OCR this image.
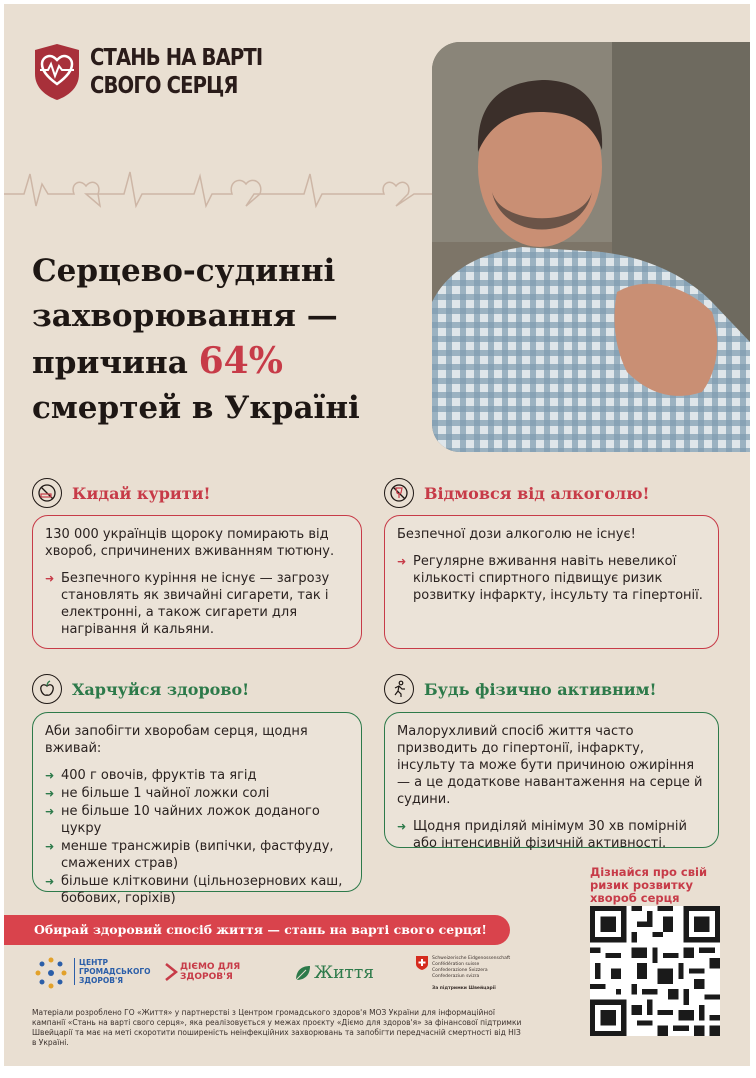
СТАНЬ НА ВАРТІ
СВОГО СЕРЦЯ
Серцево-судинні захворювання — причина 64% смертей в Україні
Кидай курити!

130 000 українців щороку помирають від хвороб, спричинених вживанням тютюну.

➜ Безпечного куріння не існує — загрозу становлять як звичайні сигарети, так і електронні, а також сигарети для нагрівання й кальяни.
Відмовся від алкоголю!

Безпечної дози алкоголю не існує!

➜ Регулярне вживання навіть невеликої кількості спиртного підвищує ризик розвитку інфаркту, інсульту та гіпертонії.
Харчуйся здорово!

Аби запобігти хворобам серця, щодня вживай:

➜ 400 г овочів, фруктів та ягід
➜ не більше 1 чайної ложки солі
➜ не більше 10 чайних ложок доданого цукру
➜ менше трансжирів (випічки, фастфуду, смажених страв)
➜ більше клітковини (цільнозернових каш, бобових, горіхів)
Будь фізично активним!

Малорухливий спосіб життя часто призводить до гіпертонії, інфаркту, інсульту та може бути причиною ожиріння — а це додаткове навантаження на серце й судини.

➜ Щодня приділяй мінімум 30 хв помірній або інтенсивній фізичній активності.
Дізнайся про свій ризик розвитку хвороб серця
Обирай здоровий спосіб життя — стань на варті свого серця!
ЦЕНТР ГРОМАДСЬКОГО ЗДОРОВ'Я
ДІЄМО ДЛЯ ЗДОРОВ'Я	Життя
Schweizerische Eidgenossenschaft
Confédération suisse
Confederazione Svizzera
Confederaziun svizra
За підтримки Швейцарії
Матеріали розроблено ГО «Життя» у партнерстві з Центром громадського здоров'я МОЗ України для інформаційної кампанії «Стань на варті свого серця», яка реалізовується у межах проєкту «Діємо для здоров'я» за фінансової підтримки Швейцарії та має на меті скоротити поширеність неінфекційних захворювань та запобігти передчасній смертності від НІЗ в Україні.
